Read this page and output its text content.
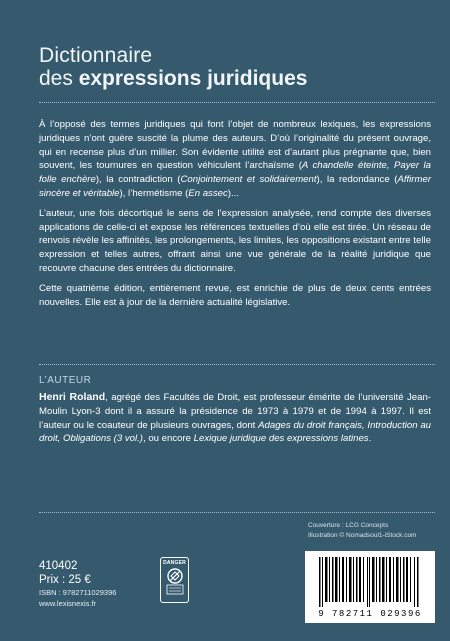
Dictionnaire
des expressions juridiques

À l’opposé des termes juridiques qui font l’objet de nombreux lexiques, les expressions juridiques n’ont guère suscité la plume des auteurs. D’où l’originalité du présent ouvrage, qui en recense plus d’un millier. Son évidente utilité est d’autant plus prégnante que, bien souvent, les tournures en question véhiculent l’archaïsme (A chandelle éteinte, Payer la folle enchère), la contradiction (Conjointement et solidairement), la redondance (Affirmer sincère et véritable), l’hermétisme (En assec)...

L’auteur, une fois décortiqué le sens de l’expression analysée, rend compte des diverses applications de celle-ci et expose les références textuelles d’où elle est tirée. Un réseau de renvois révèle les affinités, les prolongements, les limites, les oppositions existant entre telle expression et telles autres, offrant ainsi une vue générale de la réalité juridique que recouvre chacune des entrées du dictionnaire.

Cette quatrième édition, entièrement revue, est enrichie de plus de deux cents entrées nouvelles. Elle est à jour de la dernière actualité législative.

L’AUTEUR
Henri Roland, agrégé des Facultés de Droit, est professeur émérite de l’université Jean-Moulin Lyon-3 dont il a assuré la présidence de 1973 à 1979 et de 1994 à 1997. Il est l’auteur ou le coauteur de plusieurs ouvrages, dont Adages du droit français, Introduction au droit, Obligations (3 vol.), ou encore Lexique juridique des expressions latines.
Couverture : LCG Concepts
Illustration © Nomadsoul1-iStock.com
410402
Prix : 25 €
ISBN : 9782711029396
www.lexisnexis.fr
DANGER
9 782711 029396
